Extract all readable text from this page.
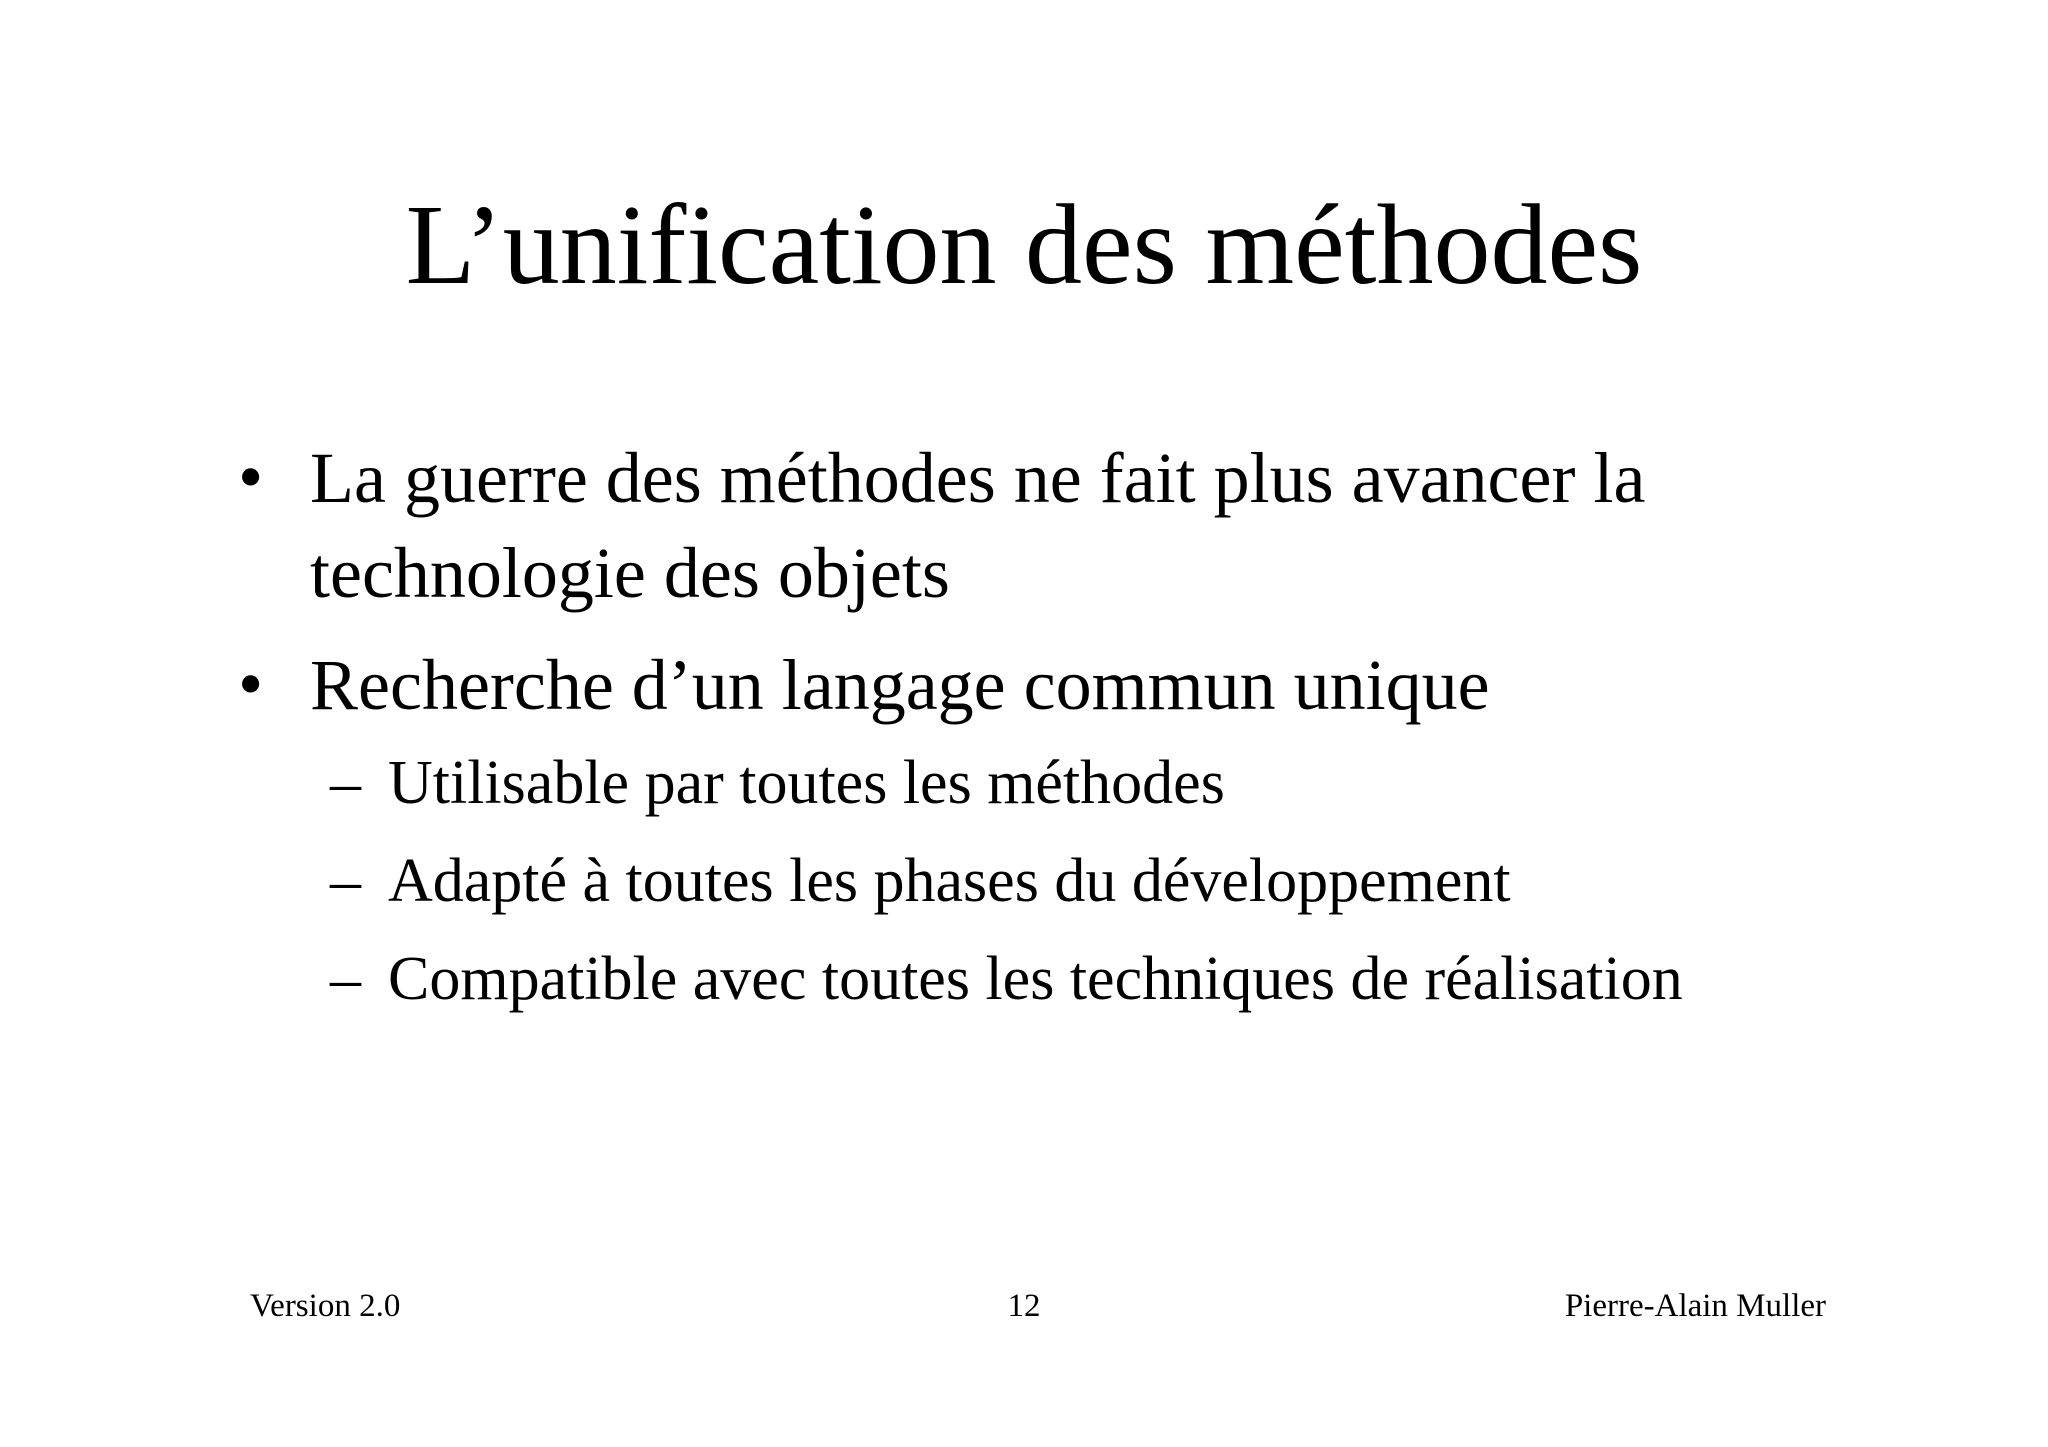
L’unification des méthodes
• La guerre des méthodes ne fait plus avancer la
technologie des objets
• Recherche d’un langage commun unique
– Utilisable par toutes les méthodes
– Adapté à toutes les phases du développement
– Compatible avec toutes les techniques de réalisation
Version 2.0	12	Pierre-Alain Muller
